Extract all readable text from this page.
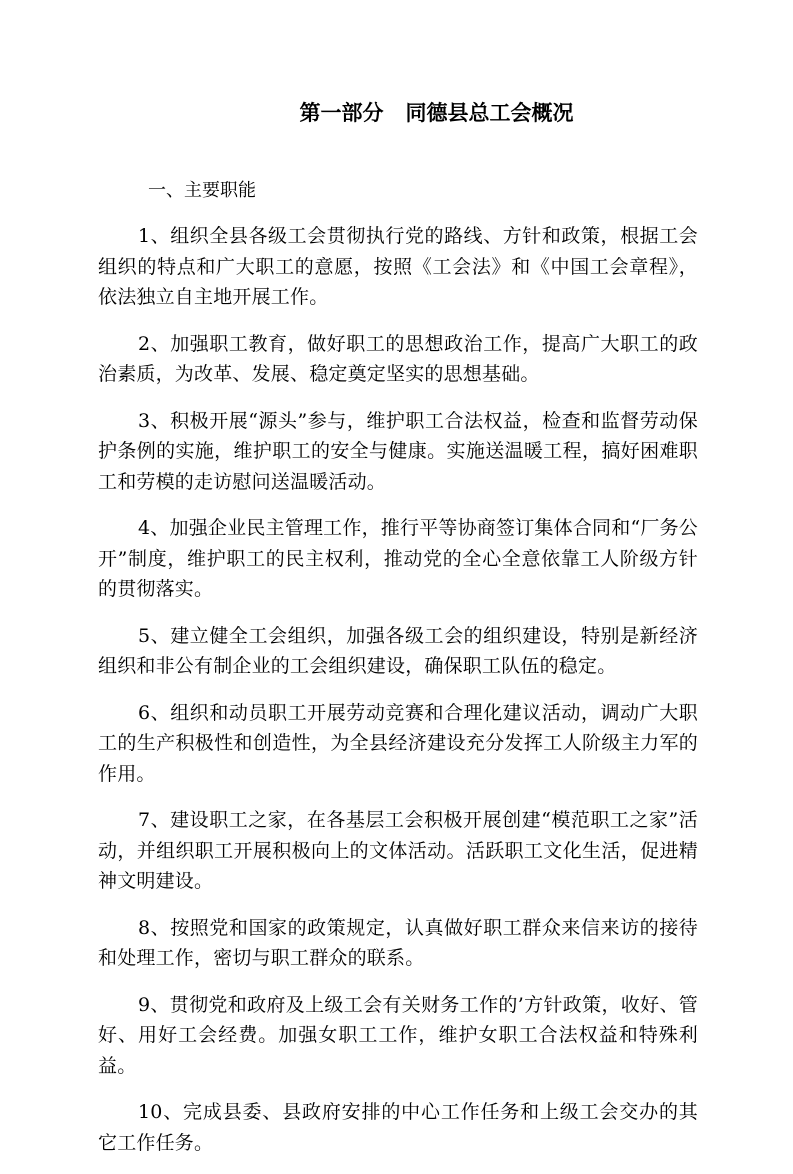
第一部分 同德县总工会概况
一、主要职能

1、组织全县各级工会贯彻执行党的路线、方针和政策，根据工会组织的特点和广大职工的意愿，按照《工会法》和《中国工会章程》，依法独立自主地开展工作。

2、加强职工教育，做好职工的思想政治工作，提高广大职工的政治素质，为改革、发展、稳定奠定坚实的思想基础。

3、积极开展“源头”参与，维护职工合法权益，检查和监督劳动保护条例的实施，维护职工的安全与健康。实施送温暖工程，搞好困难职工和劳模的走访慰问送温暖活动。

4、加强企业民主管理工作，推行平等协商签订集体合同和“厂务公开”制度，维护职工的民主权利，推动党的全心全意依靠工人阶级方针的贯彻落实。

5、建立健全工会组织，加强各级工会的组织建设，特别是新经济组织和非公有制企业的工会组织建设，确保职工队伍的稳定。

6、组织和动员职工开展劳动竞赛和合理化建议活动，调动广大职工的生产积极性和创造性，为全县经济建设充分发挥工人阶级主力军的作用。

7、建设职工之家，在各基层工会积极开展创建“模范职工之家”活动，并组织职工开展积极向上的文体活动。活跃职工文化生活，促进精神文明建设。

8、按照党和国家的政策规定，认真做好职工群众来信来访的接待和处理工作，密切与职工群众的联系。

9、贯彻党和政府及上级工会有关财务工作的’方针政策，收好、管好、用好工会经费。加强女职工工作，维护女职工合法权益和特殊利益。

10、完成县委、县政府安排的中心工作任务和上级工会交办的其它工作任务。
